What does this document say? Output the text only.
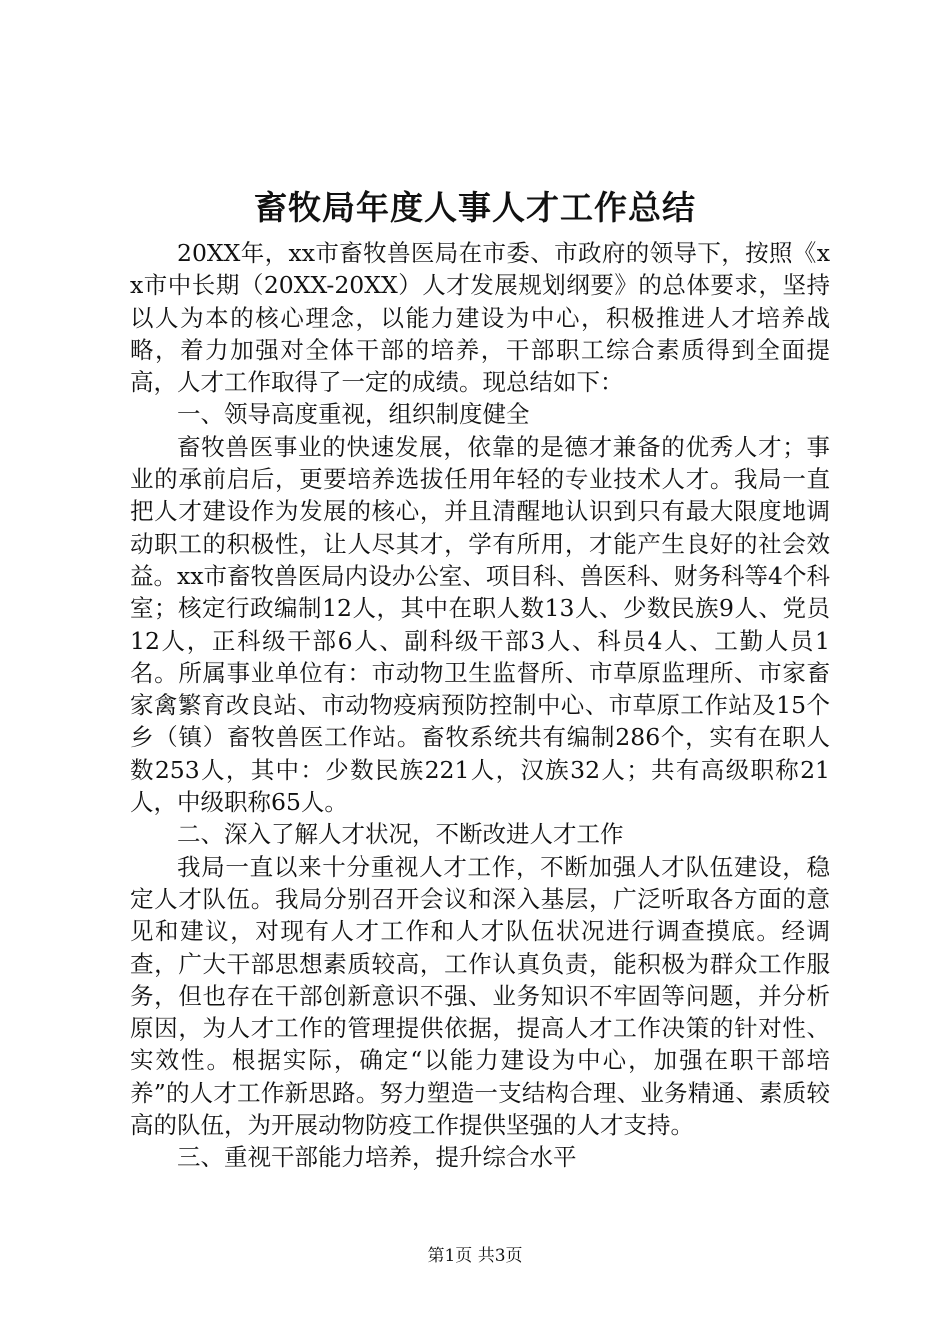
畜牧局年度人事人才工作总结

20XX年，xx市畜牧兽医局在市委、市政府的领导下，按照《xx市中长期（20XX-20XX）人才发展规划纲要》的总体要求，坚持以人为本的核心理念，以能力建设为中心，积极推进人才培养战略，着力加强对全体干部的培养，干部职工综合素质得到全面提高，人才工作取得了一定的成绩。现总结如下：

一、领导高度重视，组织制度健全

畜牧兽医事业的快速发展，依靠的是德才兼备的优秀人才；事业的承前启后，更要培养选拔任用年轻的专业技术人才。我局一直把人才建设作为发展的核心，并且清醒地认识到只有最大限度地调动职工的积极性，让人尽其才，学有所用，才能产生良好的社会效益。xx市畜牧兽医局内设办公室、项目科、兽医科、财务科等4个科室；核定行政编制12人，其中在职人数13人、少数民族9人、党员12人，正科级干部6人、副科级干部3人、科员4人、工勤人员1名。所属事业单位有：市动物卫生监督所、市草原监理所、市家畜家禽繁育改良站、市动物疫病预防控制中心、市草原工作站及15个乡（镇）畜牧兽医工作站。畜牧系统共有编制286个，实有在职人数253人，其中：少数民族221人，汉族32人；共有高级职称21人，中级职称65人。

二、深入了解人才状况，不断改进人才工作

我局一直以来十分重视人才工作，不断加强人才队伍建设，稳定人才队伍。我局分别召开会议和深入基层，广泛听取各方面的意见和建议，对现有人才工作和人才队伍状况进行调查摸底。经调查，广大干部思想素质较高，工作认真负责，能积极为群众工作服务，但也存在干部创新意识不强、业务知识不牢固等问题，并分析原因，为人才工作的管理提供依据，提高人才工作决策的针对性、实效性。根据实际，确定“以能力建设为中心，加强在职干部培养”的人才工作新思路。努力塑造一支结构合理、业务精通、素质较高的队伍，为开展动物防疫工作提供坚强的人才支持。

三、重视干部能力培养，提升综合水平

第1页 共3页
